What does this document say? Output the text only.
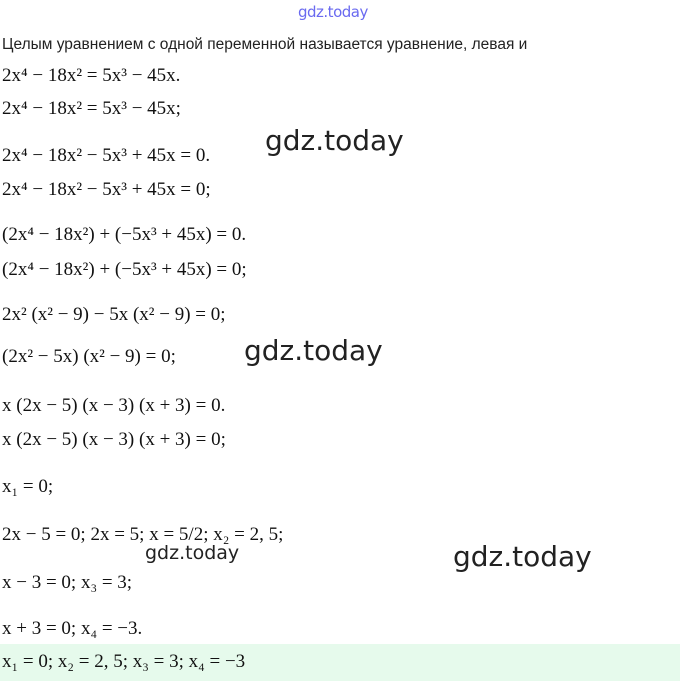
gdz.today
Целым уравнением с одной переменной называется уравнение, левая и
2x⁴ − 18x² = 5x³ − 45x.
2x⁴ − 18x² = 5x³ − 45x;
2x⁴ − 18x² − 5x³ + 45x = 0.
2x⁴ − 18x² − 5x³ + 45x = 0;
(2x⁴ − 18x²) + (−5x³ + 45x) = 0.
(2x⁴ − 18x²) + (−5x³ + 45x) = 0;
2x² (x² − 9) − 5x (x² − 9) = 0;
(2x² − 5x) (x² − 9) = 0;
x (2x − 5) (x − 3) (x + 3) = 0.
x (2x − 5) (x − 3) (x + 3) = 0;
x₁ = 0;
2x − 5 = 0; 2x = 5; x = 5/2; x₂ = 2, 5;
x − 3 = 0; x₃ = 3;
x + 3 = 0; x₄ = −3.
x₁ = 0; x₂ = 2, 5; x₃ = 3; x₄ = −3
gdz.today
gdz.today
gdz.today
gdz.today
